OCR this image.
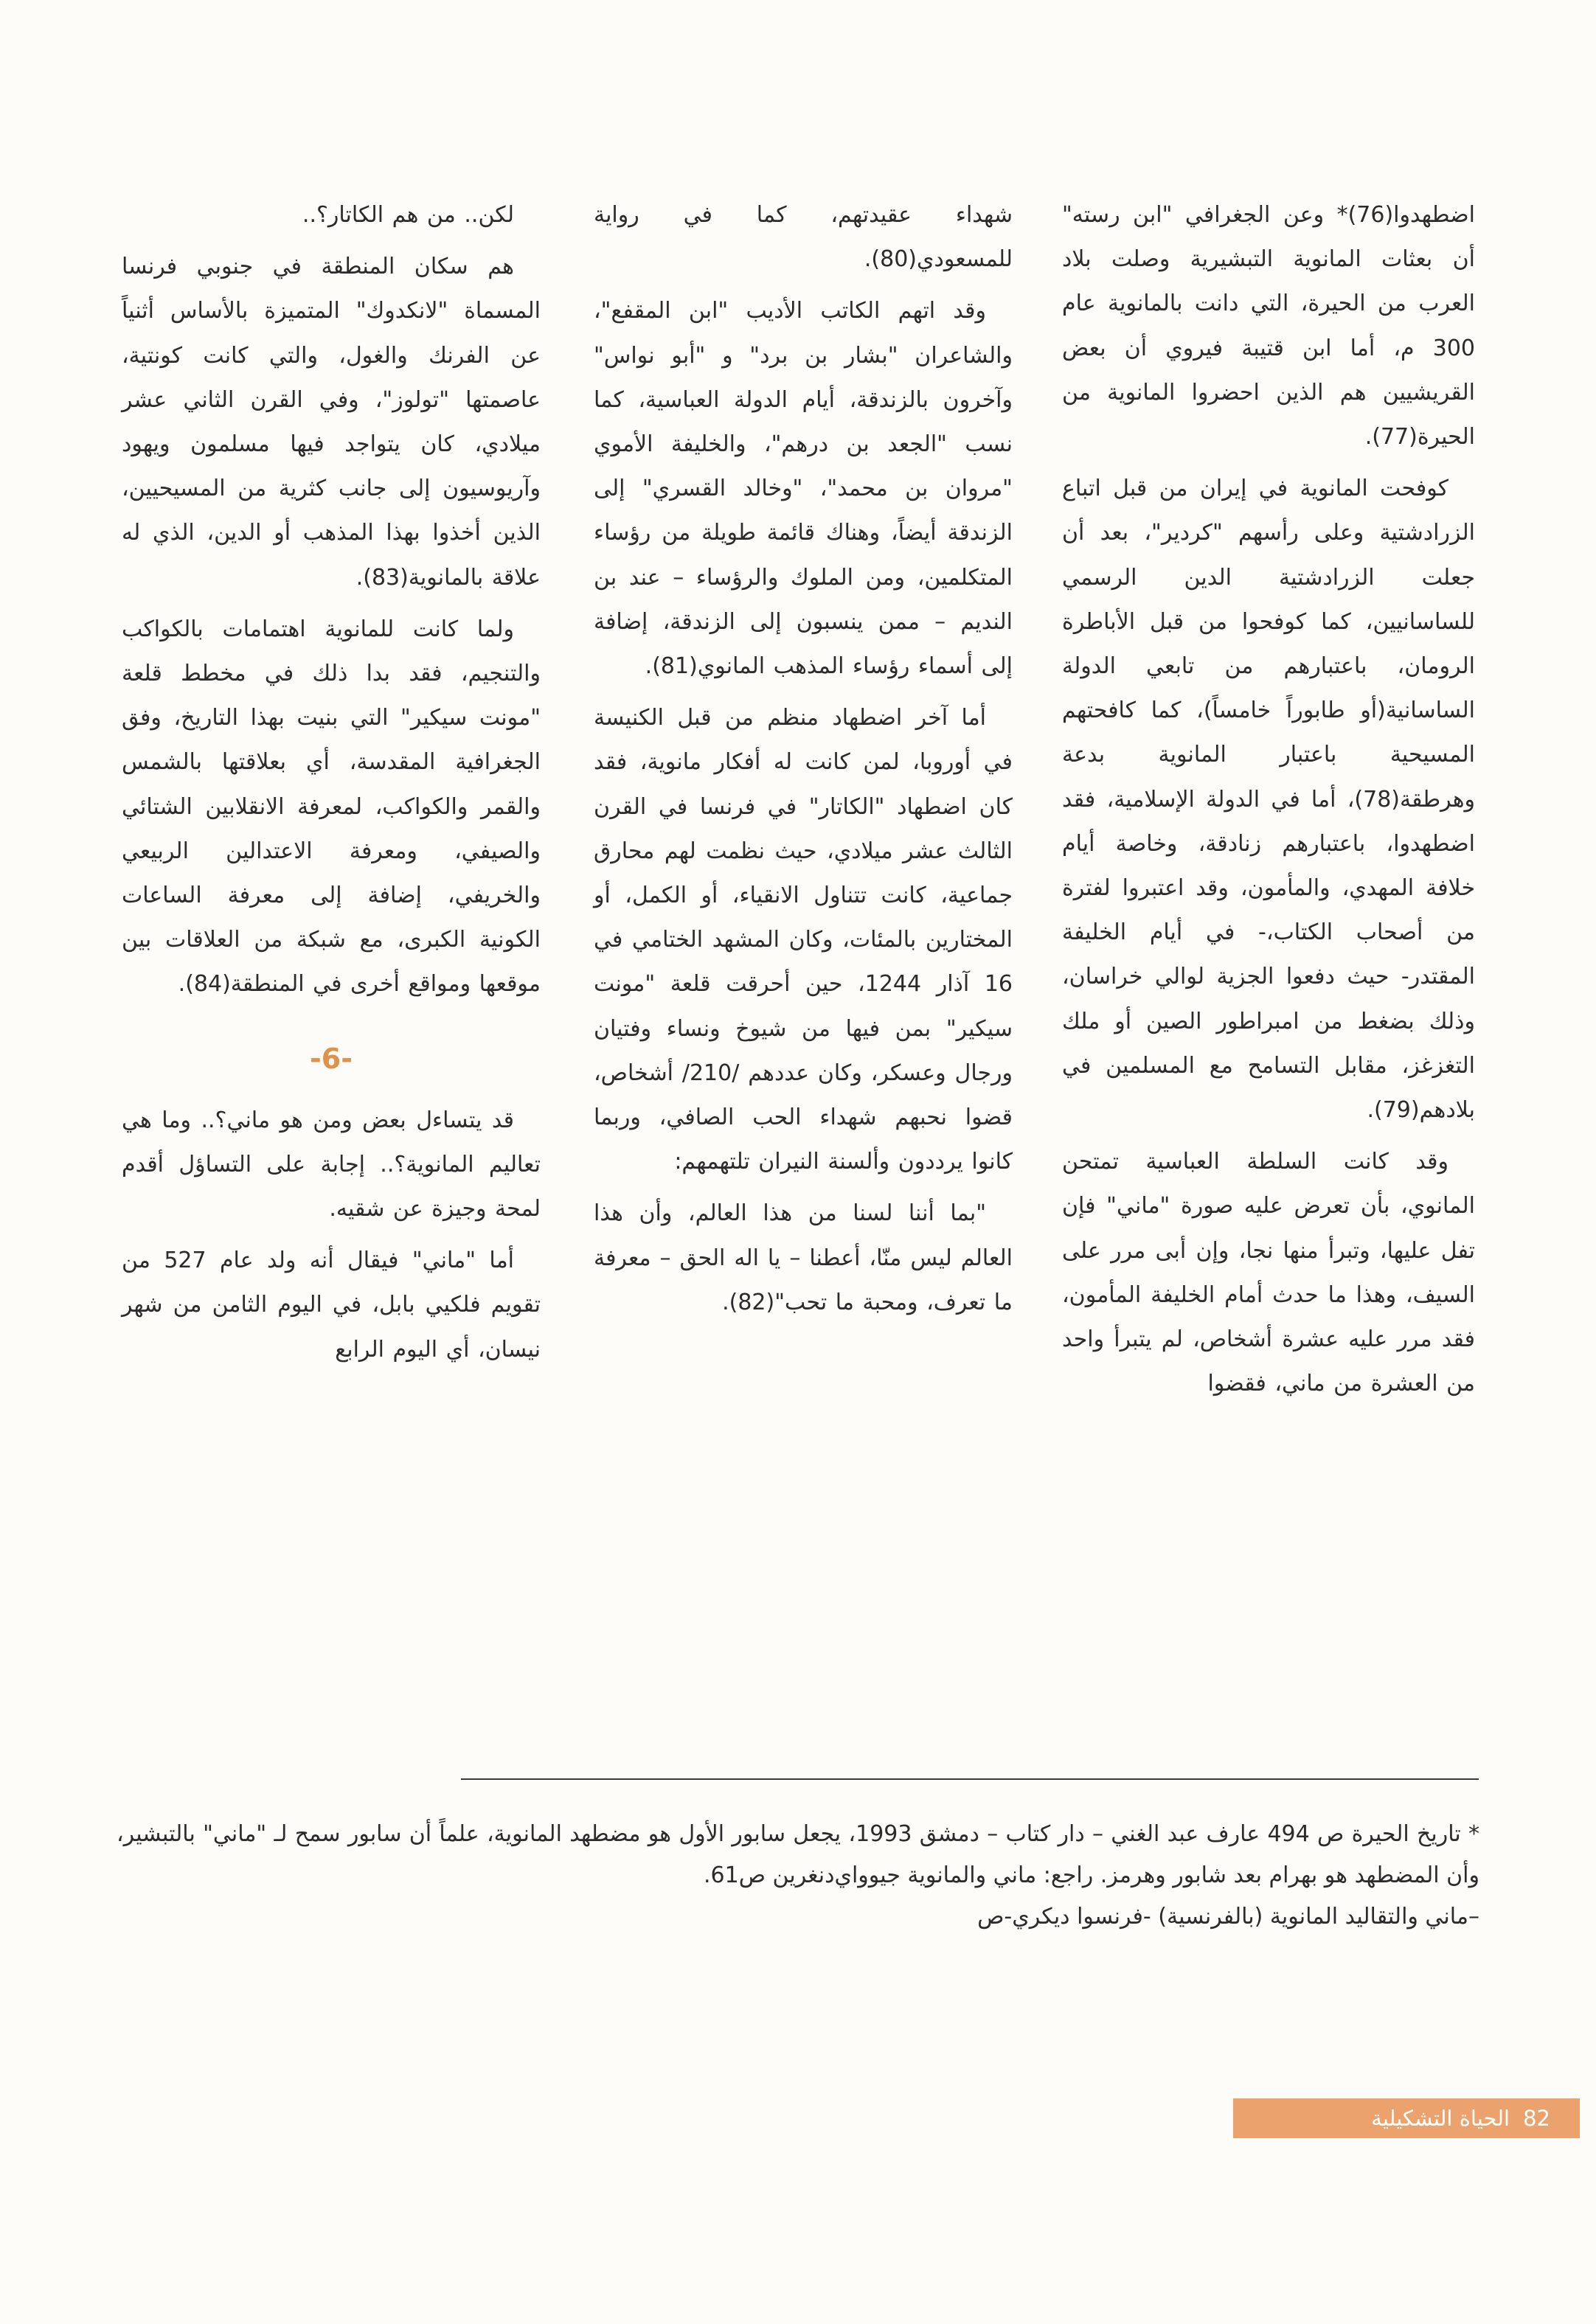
اضطهدوا(76)* وعن الجغرافي "ابن رسته" أن بعثات المانوية التبشيرية وصلت بلاد العرب من الحيرة، التي دانت بالمانوية عام 300 م، أما ابن قتيبة فيروي أن بعض القريشيين هم الذين احضروا المانوية من الحيرة(77).

كوفحت المانوية في إيران من قبل اتباع الزرادشتية وعلى رأسهم "كردير"، بعد أن جعلت الزرادشتية الدين الرسمي للساسانيين، كما كوفحوا من قبل الأباطرة الرومان، باعتبارهم من تابعي الدولة الساسانية(أو طابوراً خامساً)، كما كافحتهم المسيحية باعتبار المانوية بدعة وهرطقة(78)، أما في الدولة الإسلامية، فقد اضطهدوا، باعتبارهم زنادقة، وخاصة أيام خلافة المهدي، والمأمون، وقد اعتبروا لفترة من أصحاب الكتاب،- في أيام الخليفة المقتدر- حيث دفعوا الجزية لوالي خراسان، وذلك بضغط من امبراطور الصين أو ملك التغزغز، مقابل التسامح مع المسلمين في بلادهم(79).

وقد كانت السلطة العباسية تمتحن المانوي، بأن تعرض عليه صورة "ماني" فإن تفل عليها، وتبرأ منها نجا، وإن أبى مرر على السيف، وهذا ما حدث أمام الخليفة المأمون، فقد مرر عليه عشرة أشخاص، لم يتبرأ واحد من العشرة من ماني، فقضوا

شهداء عقيدتهم، كما في رواية للمسعودي(80).

وقد اتهم الكاتب الأديب "ابن المقفع"، والشاعران "بشار بن برد" و "أبو نواس" وآخرون بالزندقة، أيام الدولة العباسية، كما نسب "الجعد بن درهم"، والخليفة الأموي "مروان بن محمد"، "وخالد القسري" إلى الزندقة أيضاً، وهناك قائمة طويلة من رؤساء المتكلمين، ومن الملوك والرؤساء – عند بن النديم – ممن ينسبون إلى الزندقة، إضافة إلى أسماء رؤساء المذهب المانوي(81).

أما آخر اضطهاد منظم من قبل الكنيسة في أوروبا، لمن كانت له أفكار مانوية، فقد كان اضطهاد "الكاتار" في فرنسا في القرن الثالث عشر ميلادي، حيث نظمت لهم محارق جماعية، كانت تتناول الانقياء، أو الكمل، أو المختارين بالمئات، وكان المشهد الختامي في 16 آذار 1244، حين أحرقت قلعة "مونت سيكير" بمن فيها من شيوخ ونساء وفتيان ورجال وعسكر، وكان عددهم /210/ أشخاص، قضوا نحبهم شهداء الحب الصافي، وربما كانوا يرددون وألسنة النيران تلتهمهم:

"بما أننا لسنا من هذا العالم، وأن هذا العالم ليس منّا، أعطنا – يا اله الحق – معرفة ما تعرف، ومحبة ما تحب"(82).

لكن.. من هم الكاتار؟..

هم سكان المنطقة في جنوبي فرنسا المسماة "لانكدوك" المتميزة بالأساس أثنياً عن الفرنك والغول، والتي كانت كونتية، عاصمتها "تولوز"، وفي القرن الثاني عشر ميلادي، كان يتواجد فيها مسلمون ويهود وآريوسيون إلى جانب كثرية من المسيحيين، الذين أخذوا بهذا المذهب أو الدين، الذي له علاقة بالمانوية(83).

ولما كانت للمانوية اهتمامات بالكواكب والتنجيم، فقد بدا ذلك في مخطط قلعة "مونت سيكير" التي بنيت بهذا التاريخ، وفق الجغرافية المقدسة، أي بعلاقتها بالشمس والقمر والكواكب، لمعرفة الانقلابين الشتائي والصيفي، ومعرفة الاعتدالين الربيعي والخريفي، إضافة إلى معرفة الساعات الكونية الكبرى، مع شبكة من العلاقات بين موقعها ومواقع أخرى في المنطقة(84).

-6-

قد يتساءل بعض ومن هو ماني؟.. وما هي تعاليم المانوية؟.. إجابة على التساؤل أقدم لمحة وجيزة عن شقيه.

أما "ماني" فيقال أنه ولد عام 527 من تقويم فلكيي بابل، في اليوم الثامن من شهر نيسان، أي اليوم الرابع

* تاريخ الحيرة ص 494 عارف عبد الغني – دار كتاب – دمشق 1993، يجعل سابور الأول هو مضطهد المانوية، علماً أن سابور سمح لـ "ماني" بالتبشير، وأن المضطهد هو بهرام بعد شابور وهرمز. راجع: ماني والمانوية جيوواي‌دنغرين ص61.

–ماني والتقاليد المانوية (بالفرنسية) -فرنسوا ديكري-ص

82
الحياة التشكيلية
